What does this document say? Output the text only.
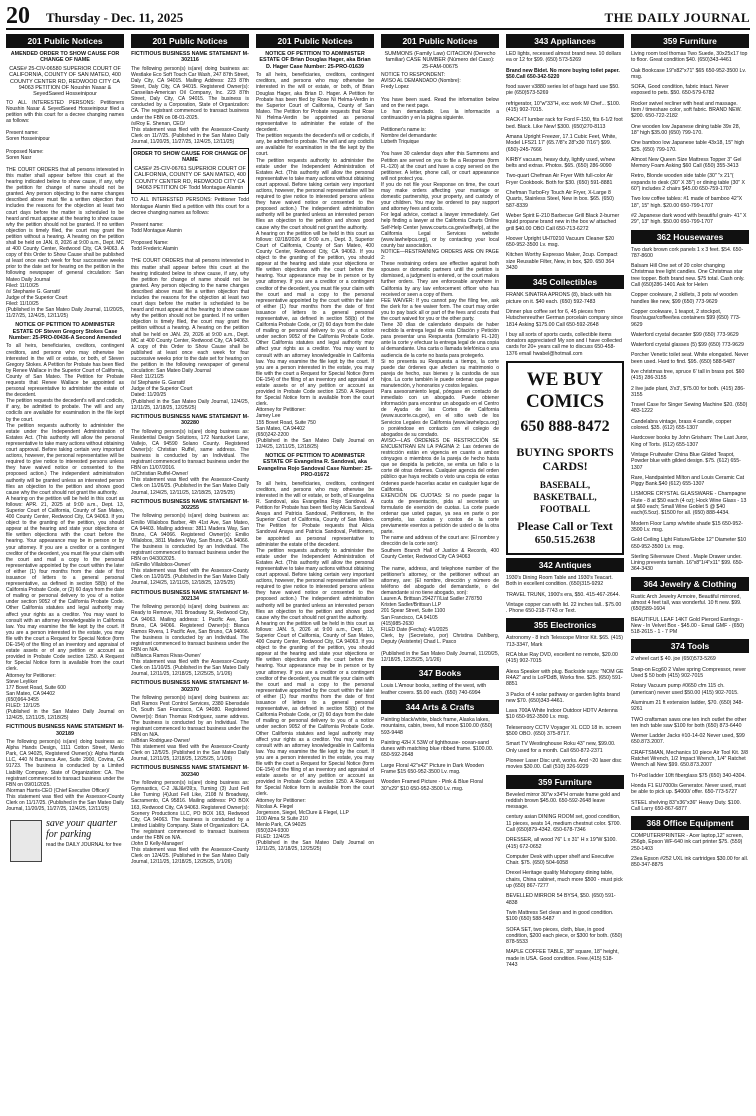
20 Thursday - Dec. 11, 2025	THE DAILY JOURNAL
201 Public Notices
AMENDED ORDER TO SHOW CAUSE FOR CHANGE OF NAME
CASE# 25-CIV-06580 SUPERIOR COURT OF CALIFORNIA, COUNTY OF SAN MATEO, 400 COUNTY CENTER RD, REDWOOD CITY CA 94063 PETITION OF Noushin Nasar & SeyedSaeed Hosseinipour
TO ALL INTERESTED PERSONS: Petitioners Noushin Nasar & SeyedSaeed Hosseinipour filed a petition with this court for a decree changing names as follows:

Present name:
Soren Hosseinipour

Proposed Name:
Soren Nasr

THE COURT ORDERS that all persons interested in this matter shall appear before this court at the hearing indicated below to show cause, if any, why the petition for change of name should not be granted. Any person objecting to the name changes described above must file a written objection that includes the reasons for the objection at least two court days before the matter is scheduled to be heard and must appear at the hearing to show cause why the petition should not be granted. If no written objection is timely filed, the court may grant the petition without a hearing. A hearing on the petition shall be held on JAN. 8, 2026 at 9:00 a.m., Dept. MC at 400 County Center, Redwood City, CA 94063. A copy of this Order to Show Cause shall be published at least once each week for four successive weeks prior to the date set for hearing on the petition in the following newspaper of general circulation: San Mateo Daily Journal
Filed: 11/10/25
/s/ Stephanie G. Garratt/
Judge of the Superior Court
Filed: 11/10/25
(Published in the San Mateo Daily Journal, 11/20/25, 11/27/25, 12/4/25, 12/11/25)
NOTICE OF PETITION TO ADMINISTER ESTATE OF Steven Gregory Stokes Case Number: 25-PRO-00436-A Second Amended
To all heirs, beneficiaries, creditors, contingent creditors, and persons who may otherwise be interested in the will or estate, or both, of Steven Gregory Stokes. A Petition for Probate has been filed by Renee Wallace in the Superior Court of California, County of San Mateo. The Petition for Probate requests that Renee Wallace be appointed as personal representative to administer the estate of the decedent.
The petition requests the decedent's will and codicils, if any, be admitted to probate. The will and any codicils are available for examination in the file kept by the court.
The petition requests authority to administer the estate under the Independent Administration of Estates Act. (This authority will allow the personal representative to take many actions without obtaining court approval. Before taking certain very important actions, however, the personal representative will be required to give notice to interested persons unless they have waived notice or consented to the proposed action.) The independent administration authority will be granted unless an interested person files an objection to the petition and shows good cause why the court should not grant the authority.
A hearing on the petition will be held in this court as follows: APR. 21, 2025 at 9:00 a.m., Dept. 13, Superior Court of California, County of San Mateo, 400 County Center, Redwood City, CA 94063. If you object to the granting of the petition, you should appear at the hearing and state your objections or file written objections with the court before the hearing. Your appearance may be in person or by your attorney. If you are a creditor or a contingent creditor of the decedent, you must file your claim with the court and mail a copy to the personal representative appointed by the court within the later of either (1) four months from the date of first issuance of letters to a general personal representative, as defined in section 58(b) of the California Probate Code, or (2) 60 days from the date of mailing or personal delivery to you of a notice under section 9052 of the California Probate Code. Other California statutes and legal authority may affect your rights as a creditor. You may want to consult with an attorney knowledgeable in California law. You may examine the file kept by the court. If you are a person interested in the estate, you may file with the court a Request for Special Notice (form DE-154) of the filing of an inventory and appraisal of estate assets or of any petition or account as provided in Probate Code section 1250. A Request for Special Notice form is available from the court clerk.
Attorney for Petitioner:
Steve Leyliker
177 Bovet Road, Suite 600
San Mateo, CA 94402
(650)964-3455
FILED: 12/1/25
(Published in the San Mateo Daily Journal on 12/4/25, 12/11/25, 12/18/25)
FICTITIOUS BUSINESS NAME STATEMENT M-302189
The following person(s) is(are) doing business as: Alpha Hands Design, 1111 Cotton Street, Menlo Park, CA 94025, Registered Owner(s): Alpha Hands LLC, 440 N Barranca Ave, Suite 2900, Covina, CA 91723. The business is conducted by a Limited Liability Company. State of Organization: CA. The registrant commenced to transact business under the FBN on 09/01/2025.
/Norman Harris-CEO (Chief Executive Officer)/
This statement was filed with the Assessor-County Clerk on 11/17/25. (Published in the San Mateo Daily Journal, 11/20/25, 11/27/25, 12/4/25, 12/11/25)
save your quarter for parking
read the DAILY JOURNAL for free
201 Public Notices
FICTITIOUS BUSINESS NAME STATEMENT M-302116
The following person(s) is(are) doing business as: Westlake Eco Soft Touch Car Wash, 247 87th Street, Daly City, CA 94015. Mailing Address: 223 87th Street, Daly City, CA 94015. Registered Owner(s): Canseilan-American Oil Company, Inc. 223 87th Street, Daly City, CA 94015. The business is conducted by a Corporation, State of Organization: CA. The registrant commenced to transact business under the FBN on 08-01-2025.
/s/Roy E. Shenan, CEO/
This statement was filed with the Assessor-County Clerk on 11/7/25. (Published in the San Mateo Daily Journal, 11/20/25, 11/27/25, 12/4/25, 12/11/25)
ORDER TO SHOW CAUSE FOR CHANGE OF NAME
CASE# 25-CIV-06761 SUPERIOR COURT OF CALIFORNIA, COUNTY OF SAN MATEO, 400 COUNTY CENTER RD, REDWOOD CITY CA 94063 PETITION OF Todd Montague Alamin
TO ALL INTERESTED PERSONS: Petitioner Todd Montague Alamin filed a petition with this court for a decree changing names as follows:

Present name:
Todd Montague Alamin

Proposed Name:
Todd Frederic Alamin

THE COURT ORDERS that all persons interested in this matter shall appear before this court at the hearing indicated below to show cause, if any, why the petition for change of name should not be granted. Any person objecting to the name changes described above must file a written objection that includes the reasons for the objection at least two court days before the matter is scheduled to be heard and must appear at the hearing to show cause why the petition should not be granted. If no written objection is timely filed, the court may grant the petition without a hearing. A hearing on the petition shall be held on JAN. 29, 2026 at 9:00 a.m., Dept. MC at 400 County Center, Redwood City, CA 94063. A copy of this Order to Show Cause shall be published at least once each week for four successive weeks prior to the date set for hearing on the petition in the following newspaper of general circulation: San Mateo Daily Journal
Filed: 11/21/25
/s/ Stephanie G. Garratt/
Judge of the Superior Court
Dated: 11/20/25
(Published in the San Mateo Daily Journal, 12/4/25, 12/11/25, 12/18/25, 12/25/25)
FICTITIOUS BUSINESS NAME STATEMENT M-302280
The following person(s) is(are) doing business as: Residential Design Solutions, 172 Nantucket Lane, Vallejo, CA 94590 Solano County. Registered Owner(s): Christian Ruffel, same address. The business is conducted by an Individual. The registrant commenced to transact business under the FBN on 11/07/2016.
/s/Christian Ruffel-Owner/
This statement was filed with the Assessor-County Clerk on 11/26/25. (Published in the San Mateo Daily Journal, 12/4/25, 12/11/25, 12/18/25, 12/25/25)
FICTITIOUS BUSINESS NAME STATEMENT M-302255
The following person(s) is(are) doing business as: Emilio Villalobos Barber, 4th 41st Ave, San Mateo, CA 94403. Mailing address: 3811 Madera Way, San Bruno, CA 94066. Registered Owner(s): Emilio Villalobos, 3811 Madera Way, San Bruno, CA 94066. The business is conducted by an Individual. The registrant commenced to transact business under the FBN on 04/30/2025.
/s/Emilio Villalobos-Owner/
This statement was filed with the Assessor-County Clerk on 11/20/25. (Published in the San Mateo Daily Journal, 12/4/25, 12/11/25, 12/18/25, 12/25/25)
FICTITIOUS BUSINESS NAME STATEMENT M-302134
The following person(s) is(are) doing business as: Ready to Remove, 701 Broadway St, Redwood City, CA 94063. Mailing address: 1 Pacific Ave, San Bruno, CA 94066. Registered Owner(s): Blanca Ramos Rivera, 1 Pacific Ave, San Bruno, CA 94066. The business is conducted by an Individual. The registrant commenced to transact business under the FBN on N/A.
/s/Blanca Ramos Rivas-Owner/
This statement was filed with the Assessor-County Clerk on 11/10/25. (Published in the San Mateo Daily Journal, 12/11/25, 12/18/25, 12/25/25, 1/1/26)
FICTITIOUS BUSINESS NAME STATEMENT M-302370
The following person(s) is(are) doing business as: Rafi Ramos Pest Control Services, 2380 Ebensdale Dr, South San Francisco, CA 94080. Registered Owner(s): Brian Thomas Rodriguez, same address. The business is conducted by an Individual. The registrant commenced to transact business under the FBN on N/A.
/s/Brian Rodriguez-Owner/
This statement was filed with the Assessor-County Clerk on 12/5/25. (Published in the San Mateo Daily Journal, 12/11/25, 12/18/25, 12/25/25, 1/1/26)
FICTITIOUS BUSINESS NAME STATEMENT M-302340
The following person(s) is(are) doing business as: Gymnastics, C-2 J&J&#39;s, Turning (3) Just Fell Like Turning (4)Just Fell Like, 2108 N Broadway, Sacramento, CA 95816. Mailing address: PO BOX 163, Redwood City, CA 94063. Registered Owner(s): Scenery Productions LLC, PO BOX 163, Redwood City, CA 94063. The business is conducted by a Limited Liability Company. State of Organization: CA. The registrant commenced to transact business under the FBN on N/A.
/John D Kelly-Manager/
This statement was filed with the Assessor-County Clerk on 12/4/25. (Published in the San Mateo Daily Journal, 12/11/25, 12/18/25, 12/25/25, 1/1/26)
201 Public Notices
NOTICE OF PETITION TO ADMINISTER ESTATE OF Brian Douglas Hager, aka Brian D. Hager Case Number: 25-PRO-01639
To all heirs, beneficiaries, creditors, contingent creditors, and persons who may otherwise be interested in the will or estate, or both, of Brian Douglas Hager, aka Brian D. Hager. A Petition for Probate has been filed by Rose Ni Helma-Verdin in the Superior Court of California, County of San Mateo. The Petition for Probate requests that Rose Ni Helma-Verdin be appointed as personal representative to administer the estate of the decedent.
The petition requests the decedent's will or codicils, if any, be admitted to probate. The will and any codicils are available for examination in the file kept by the court.
The petition requests authority to administer the estate under the Independent Administration of Estates Act. (This authority will allow the personal representative to take many actions without obtaining court approval. Before taking certain very important actions, however, the personal representative will be required to give notice to interested persons unless they have waived notice or consented to the proposed action.) The independent administration authority will be granted unless an interested person files an objection to the petition and shows good cause why the court should not grant the authority.
A hearing on the petition will be held in this court as follows: 02/18/2026 at 9:00 a.m., Dept. 3, Superior Court of California, County of San Mateo, 400 County Center, Redwood City, CA 94063. If you object to the granting of the petition, you should appear at the hearing and state your objections or file written objections with the court before the hearing. Your appearance may be in person or by your attorney. If you are a creditor or a contingent creditor of the decedent, you must file your claim with the court and mail a copy to the personal representative appointed by the court within the later of either (1) four months from the date of first issuance of letters to a general personal representative, as defined in section 58(b) of the California Probate Code, or (2) 60 days from the date of mailing or personal delivery to you of a notice under section 9052 of the California Probate Code. Other California statutes and legal authority may affect your rights as a creditor. You may want to consult with an attorney knowledgeable in California law. You may examine the file kept by the court. If you are a person interested in the estate, you may file with the court a Request for Special Notice (form DE-154) of the filing of an inventory and appraisal of estate assets or of any petition or account as provided in Probate Code section 1250. A Request for Special Notice form is available from the court clerk.
Attorney for Petitioner:
Jamey Lee
155 Bovet Road, Suite 750
San Mateo, CA 94402
(650)242-2200
(Published in the San Mateo Daily Journal on 12/4/25, 12/11/25, 12/18/25)
NOTICE OF PETITION TO ADMINISTER ESTATE OF Evangelina R. Sandoval, aka Evangelina Rojo Sandoval Case Number: 25-PRO-01672
To all heirs, beneficiaries, creditors, contingent creditors, and persons who may otherwise be interested in the will or estate, or both, of Evangelina R. Sandoval, aka Evangelina Rojo Sandoval. A Petition for Probate has been filed by Alicia Sandoval Anaya and Patricia Sandoval, Petitioners, in the Superior Court of California, County of San Mateo. The Petition for Probate requests that Alicia Sandoval Anaya and Patricia Sandoval, Petitioners, be appointed as personal representative to administer the estate of the decedent.
The petition requests authority to administer the estate under the Independent Administration of Estates Act. (This authority will allow the personal representative to take many actions without obtaining court approval. Before taking certain very important actions, however, the personal representative will be required to give notice to interested persons unless they have waived notice or consented to the proposed action.) The independent administration authority will be granted unless an interested person files an objection to the petition and shows good cause why the court should not grant the authority.
A hearing on the petition will be held in this court as follows: JAN. 5, 2026 at 9:00 a.m., Dept. 13, Superior Court of California, County of San Mateo, 400 County Center, Redwood City, CA 94063. If you object to the granting of the petition, you should appear at the hearing and state your objections or file written objections with the court before the hearing. Your appearance may be in person or by your attorney. If you are a creditor or a contingent creditor of the decedent, you must file your claim with the court and mail a copy to the personal representative appointed by the court within the later of either (1) four months from the date of first issuance of letters to a general personal representative, as defined in section 58(b) of the California Probate Code, or (2) 60 days from the date of mailing or personal delivery to you of a notice under section 9052 of the California Probate Code. Other California statutes and legal authority may affect your rights as a creditor. You may want to consult with an attorney knowledgeable in California law. You may examine the file kept by the court. If you are a person interested in the estate, you may file with the court a Request for Special Notice (form DE-154) of the filing of an inventory and appraisal of estate assets or of any petition or account as provided in Probate Code section 1250. A Request for Special Notice form is available from the court clerk.
Attorney for Petitioner:
Nicolas A. Flegel
Jorgenson, Siegel, McClure & Flegel, LLP
1100 Alma St Suite 210
Menlo Park, CA 94025
(650)324-9300
FILED: 12/4/25
(Published in the San Mateo Daily Journal on 12/11/25, 12/18/25, 12/25/25)
201 Public Notices
SUMMONS (Family Law) CITACION (Derecho familiar) CASE NUMBER (Número del Caso): 25-FAM-00675
NOTICE TO RESPONDENT:
AVISO AL DEMANDADO (Nombre):
Fredy Lopez

You have been sued. Read the information below and on the next page.
Lo han demandado. Lea la información a continuación y en la página siguiente.

Petitioner's name is:
Nombre del demandante:
Lizbeth Triquique

You have 30 calendar days after this Summons and Petition are served on you to file a Response (form FL-120) at the court and have a copy served on the petitioner. A letter, phone call, or court appearance will not protect you.
If you do not file your Response on time, the court may make orders affecting your marriage or domestic partnership, your property, and custody of your children. You may be ordered to pay support and attorney fees and costs.
For legal advice, contact a lawyer immediately. Get help finding a lawyer at the California Courts Online Self-Help Center (www.courts.ca.gov/selfhelp), at the California Legal Services website (www.lawhelpca.org), or by contacting your local county bar association.
NOTICE—RESTRAINING ORDERS ARE ON PAGE 2:
These restraining orders are effective against both spouses or domestic partners until the petition is dismissed, a judgment is entered, or the court makes further orders. They are enforceable anywhere in California by any law enforcement officer who has received or seen a copy of them.
FEE WAIVER: If you cannot pay the filing fee, ask the clerk for a fee waiver form. The court may order you to pay back all or part of the fees and costs that the court waived for you or the other party.
Tiene 30 días de calendario después de haber recibido la entrega legal de esta Citación y Petición para presentar una Respuesta (formulario FL-120) ante la corte y efectuar la entrega legal de una copia al demandante. Una carta o llamada telefónica o una audiencia de la corte no basta para protegerlo.
Si no presenta su Respuesta a tiempo, la corte puede dar órdenes que afecten su matrimonio o pareja de hecho, sus bienes y la custodia de sus hijos. La corte también le puede ordenar que pague manutención, y honorarios y costos legales.
Para asesoramiento legal, póngase en contacto de inmediato con un abogado. Puede obtener información para encontrar un abogado en el Centro de Ayuda de las Cortes de California (www.sucorte.ca.gov), en el sitio web de los Servicios Legales de California (www.lawhelpca.org) o poniéndose en contacto con el colegio de abogados de su condado.
AVISO—LAS ÓRDENES DE RESTRICCIÓN SE ENCUENTRAN EN LA PÁGINA 2: Las órdenes de restricción están en vigencia en cuanto a ambos cónyuges o miembros de la pareja de hecho hasta que se despida la petición, se emita un fallo o la corte dé otras órdenes. Cualquier agencia del orden público que haya recibido o visto una copia de estas órdenes puede hacerlas acatar en cualquier lugar de California.
EXENCIÓN DE CUOTAS: Si no puede pagar la cuota de presentación, pida al secretario un formulario de exención de cuotas. La corte puede ordenar que usted pague, ya sea en parte o por completo, las cuotas y costos de la corte previamente exentos a petición de usted o de la otra parte.
The name and address of the court are: (El nombre y dirección de la corte son):
Southern Branch Hall of Justice & Records, 400 County Center, Redwood City CA 94063

The name, address, and telephone number of the petitioner's attorney, or the petitioner without an attorney, are: (El nombre, dirección y número de teléfono del abogado del demandante, o del demandante si no tiene abogado, son):
Lauren A. Brittsan 294277/Liat Sadler 278750
Kristen Sadler/Brittsan LLP
201 Spear Street, Suite 1100
San Francisco, CA 94105
(415)985-2630
FILED Date (Fecha): 4/1/2025
Clerk, by (Secretario, por) Christina Dahlberg, Deputy (Asistente) Chad L. Pasco

(Published in the San Mateo Daily Journal, 11/20/25, 12/18/25, 12/25/25, 1/1/26)
347 Books
Louis L'Amour books, setting of the west, with leather covers. $5.00 each. (650) 740-6994
344 Arts & Crafts
Painting black/white, black frame, Alaska lakes, mountains, cabin, trees, full moon $100.00 (650) 593-9448
Painting 42H X 53W of lighthouse- ocean-sand dunes with matching blue ribbed frame. $100.00. 650-592-2648
Large Floral 42"x42" Picture in Dark Wooden Frame $15 650-952-3500 Lv. msg.
Wooden Framed Picture - Pink & Blue Floral 30"x29" $10 650-952-3500 Lv. msg.
343 Appliances
LED lights, recessed almost brand new. 10 dollars ea or 12 for $99. (650) 573-5269
Brand new Bidet. No more buying toilet paper. $50.Call 650-342-5220
food saver v3880 series lot of bags hard use $50. pie (650)573-5269
refrigerator, 10"w"33"H, exc work M/ Chef... $100. (415) 902-7015.
RACK-IT lumber rack for Ford F-150, fits 6-1/2 foot bed. Black. Like New! $300. (650)270-8113
Amana Upright Freezer, 17.1 Cubic Feet, White, Model LFS21 17' (65.7/8"x 28"x30 7/16") $99. (650)-245-7666
KIRBY vacuum, heavy duty, lightly used, w/new belts and extras. Photos. $65. (650) 286-9090
Two-quart Chefman Air Fryer With full-color Air Fryer Cookbook. Both for $30. (650) 591-8881
Chefman TurboFry Touch Air Fryer, X-Large 8 Quarts, Stainless Steel, New in box. $65. (650) 587-8339
Weber Spirit E-210 Barbecue Grill Black 2-burner liquid propane brand new in the box w/ attached grill $40.00 OBO Call 650-713-6272
Hoover Upright UH70210 Vacuum Cleaner $20 650-952-3500 Lv. msg.
Kitchen Worthy Espresso Maker, 2cup. Compact size Reusable Filter, New, in box, $20. 650 364 3430
345 Collectibles
FRANK SINATRA APRONS (8), black with his picture on it. $40 each. (650) 592-7483
Dinner plus coffee set for 6, 45 pieces from Hutschenreuther German porcelain company since 1814 Asking $175.00 Call 650-592-2648
I buy all sorts of sports cards, collectible items donators appreciated! My son and I have collected cards for 20+ years call me to discuss 650-458-1376 email hwabel@hotmail.com
WE BUY COMICS
650 888-8472
BUYING SPORTS CARDS!
BASEBALL, BASKETBALL, FOOTBALL
Please Call or Text
650.515.2638
342 Antiques
1930's Dining Room Table and 1930's Teacart. Both in excellent condition. (650)315-9292
TRAVEL TRUNK, 1900's era, $50. 415-467-2644.
Vintage copper can with lid. 22 inches tall.. $75.00 . Phone 650-218-7743 or Text.
355 Electronics
Astronomy - 8 inch Telescope Mirror Kit. $65. (415) 713-3347, Mark
RCA blue Ray DVD, excellent no remote, $20.00 (415) 902-7015
Alexa Speaker with plug. Backside says: "NOM GE R4A2" and is LoPDdB, Works fine. $25. (650) 591-8851
3 Packs of 4 solar pathway or garden lights brand new $70. (650)343-4461.
Lava 700A White Indoor Outdoor HDTV Antenna $10 650-952-3500 Lv. msg.
Telesensory CCTV Voyager XL CCD 18 in. screen $500 OBO. (650) 375-8717.
Smart TV Westinghouse Roku 43" new, $99.00. Only used for a month. Call 650-872-2371
Pioneer Laser Disc unit, works. And ~20 laser disc movies $30.00. Call (510) 326-9229
359 Furniture
Beveled mirror 30"w x34"H ornate frame gold and reddish brown $45.00. 650-592-2648 leave message.
century asian DINING ROOM set, good condition, 11 pieces, seats 14, medium chestnut color. $700. Call (650)879-4342. 650-678-7346
DRESSER, all wood 76" L x 31" H x 19"W $100. (415) 672-0652
Computer Desk with upper shelf and Executive Chair. $75. (650) 504-6058
Drexel Heritage quality Mahogany dining table, chairs, China cabinet, much more $500 - must pick up (650) 867-7277
BEVELLED MIRROR 54 BYS4, $50. (650) 591-4838
Twin Mattress Set clean and in good condition. $100 (650) 588-5487
SOFA SET, two pieces, cloth, blue, in good condition, $200 each piece, or $300 for both. (650) 878-5533
MAPLE COFFEE TABLE, 38" square, 18" height, made in USA. Good condition. Free.(415) 518-7443
359 Furniture
Living room tool thomas Two Suede, 30x25x17 top to floor. Great condition $40. (650)343-4461
Oak Bookcase 19"x82"x71" $65 650-952-3500 Lv. msg.
SOFA, Good condition, fabric intact. Never exposed to pets. $50. 650-579-6782
Rocker swivel recliner with heat and massage. Item / timeshare color, soft fabric. BRAND NEW. $200. 650-722-2182
One wooden low Japanese dining table 39x 28, 18" high $35.00 (650) 799-170.
One bamboo low Japanese table 43x18, 15" high $25. (650) 799-170.
Almost New Queen Size Mattress Topper 3" Gel Memory Foam Asking $60 Call (650) 355-3413
Retro, Blonde wooden side table (30" "x 21"( expands to desk (30" X 35") or dining table (30" X 60") includes 2 chairs $45.00 650-759-1707
Two low coffee tables: #1 made of bamboo 42"X 18", 15" high. $20.00 650-799-1707
#2 Japanese dark wood with beautiful grain- 41" X 29", 13" high. $50.00 650-799-1707
362 Housewares
Two dark brown cork panels 1 x 3 feet. $54. 650-787-8600
Balsam Hill One set of 20 color changing Christmas tree light candles. One Christmas star tree topper. Both brand new. $75 total. Cash only. Call (650)286-1401 Ask for Helen
Copper cookware, 2 skillets, 3 pots w/ wooden handles like new, $99 (650) 773-9629
Copper cookware, 1 teapot, 2 stockpot, flour/sugar/coffee/tea containers $99 (650) 773-9629
Waterford crystal decanter $99 (650) 773-9629
Waterford crystal glasses (5) $99 (650) 773-9629
Porcher Venetic toilet seat. White elongated. Never been used. Hard to find. $95. (650) 588-5487
live christmas tree, spruce 6' tall in brass pot. $60 (415) 286-3155
2 live jade plant, 3'x3', $75.00 for both. (415) 286-3155
Travel Case for Singer Sewing Machine $20. (650) 483-1222
Candelabra vintage, brass 4 candle, copper colored. $35. (612) 655-1307
Hardcover books by John Grisham: The Last Juror, King of Torts. (612) 655-1307
Vintage Fruitwafer China Blue Gilded Teapot, Powder blue with gilded design. $75. (612) 655-1307
Rare, Handpainted Milton and Louis Ceramic Cat Piggy Bank.$40 (612) 655-1307
LISMORE CRYSTAL GLASSWARE - Champagne Flute - 8 at $50 each (4 oz); Hock Wine Glass - 13 at $60 each; Small Wine Goblet 5 @ $40 each(6.5oz). $1500 for all. (650) 888-4434.
Modern Floor Lamp w/white shade $15 650-952-3500 Lv. msg.
Gold Ceiling Light Fixture/Globe 12" Diameter $10 650-952-3500 Lv. msg.
Sterling Silverware Chest . Maple Drawer under. Lining prevents tarnish. 16"x8"1/4"x11" $99. 650-364-3430
364 Jewelry & Clothing
Rustic Arch Jewelry Armoire, Beautiful mirrored, almost 4 feet tall, was wonderful. 10 ft new. $99.(650)589-1604
BEAUTIFUL LEAF 14KT Gold Pierced Earrings - New - In Velvet Box - $45.00 - Email GMF - (650) 518-2615 - 1 - 7 PM
374 Tools
2 wheel cart $ 40. joe (650)573-5269
Snap-on Ecg60 2 Valve spring Compressor, never Used $ 50 both (415) 902-7015
Rotary Vacuum pump #0650 cfm 115 ch. (american) never used $50.00 (415) 902-7015.
Aluminum 21 ft extension ladder, $70. (650) 348-9261
TWO craftsman saws one ten inch outlet the other ten inch table saw $100 for both (650) 873-6440
Werner Ladder Jacks #10-14-02 Never used, $99 650.873.2007.
CRAFTSMAN, Mechanics 10 piece Air Tool Kit. 3/8 Ratchet Wrench, 1/2 Impact Wrench, 1/4" Ratchet Wrench all New $99. 650.873.2007
Tri-Pod ladder 10ft fiberglass $75 (650) 340-4304.
Honda F1 EU7000is Generator. Never used, must be able to pick up. $4000/ offer. 650-773-5727
STEEL shelving 83"x36"x36" Heavy Duty. $100. Call Larry 650-867-6877
368 Office Equipment
COMPUTER/PRINTER - Acer laptop,12" screen, 256gb, Epson WF-640 ink cart printer $75. (559) 250-1403
23ea Epson #252 UXL ink cartridges $30.00 for all. 850-347-8875
